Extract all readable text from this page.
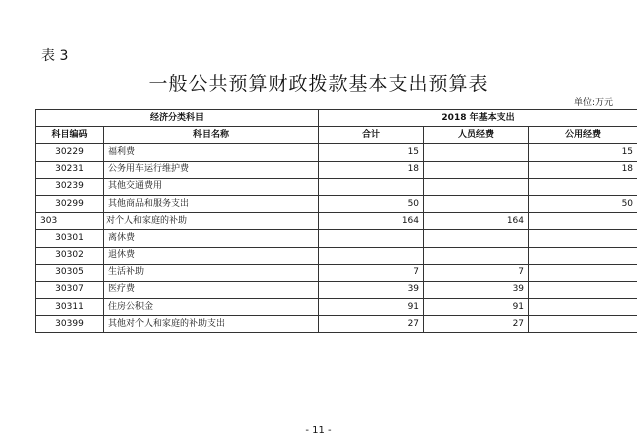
表 3
一般公共预算财政拨款基本支出预算表
单位:万元
经济分类科目		2018 年基本支出		
科目编码	科目名称	合计	人员经费	公用经费
30229	福利费	15		15
30231	公务用车运行维护费	18		18
30239	其他交通费用			
30299	其他商品和服务支出	50		50
303	对个人和家庭的补助	164	164	
30301	离休费			
30302	退休费			
30305	生活补助	7	7	
30307	医疗费	39	39	
30311	住房公积金	91	91	
30399	其他对个人和家庭的补助支出	27	27	
- 11 -
